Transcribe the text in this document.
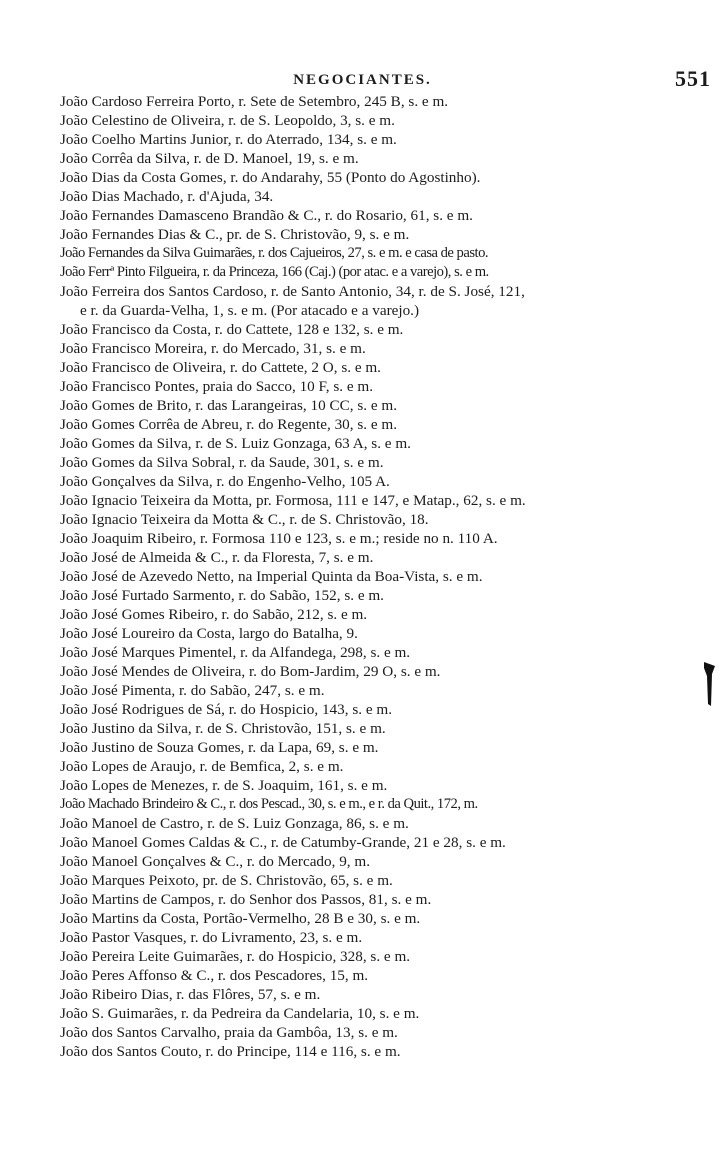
NEGOCIANTES.	551
João Cardoso Ferreira Porto, r. Sete de Setembro, 245 B, s. e m.
João Celestino de Oliveira, r. de S. Leopoldo, 3, s. e m.
João Coelho Martins Junior, r. do Aterrado, 134, s. e m.
João Corrêa da Silva, r. de D. Manoel, 19, s. e m.
João Dias da Costa Gomes, r. do Andarahy, 55 (Ponto do Agostinho).
João Dias Machado, r. d'Ajuda, 34.
João Fernandes Damasceno Brandão & C., r. do Rosario, 61, s. e m.
João Fernandes Dias & C., pr. de S. Christovão, 9, s. e m.
João Fernandes da Silva Guimarães, r. dos Cajueiros, 27, s. e m. e casa de pasto.
João Ferrª Pinto Filgueira, r. da Princeza, 166 (Caj.) (por atac. e a varejo), s. e m.
João Ferreira dos Santos Cardoso, r. de Santo Antonio, 34, r. de S. José, 121,
e r. da Guarda-Velha, 1, s. e m. (Por atacado e a varejo.)
João Francisco da Costa, r. do Cattete, 128 e 132, s. e m.
João Francisco Moreira, r. do Mercado, 31, s. e m.
João Francisco de Oliveira, r. do Cattete, 2 O, s. e m.
João Francisco Pontes, praia do Sacco, 10 F, s. e m.
João Gomes de Brito, r. das Larangeiras, 10 CC, s. e m.
João Gomes Corrêa de Abreu, r. do Regente, 30, s. e m.
João Gomes da Silva, r. de S. Luiz Gonzaga, 63 A, s. e m.
João Gomes da Silva Sobral, r. da Saude, 301, s. e m.
João Gonçalves da Silva, r. do Engenho-Velho, 105 A.
João Ignacio Teixeira da Motta, pr. Formosa, 111 e 147, e Matap., 62, s. e m.
João Ignacio Teixeira da Motta & C., r. de S. Christovão, 18.
João Joaquim Ribeiro, r. Formosa 110 e 123, s. e m.; reside no n. 110 A.
João José de Almeida & C., r. da Floresta, 7, s. e m.
João José de Azevedo Netto, na Imperial Quinta da Boa-Vista, s. e m.
João José Furtado Sarmento, r. do Sabão, 152, s. e m.
João José Gomes Ribeiro, r. do Sabão, 212, s. e m.
João José Loureiro da Costa, largo do Batalha, 9.
João José Marques Pimentel, r. da Alfandega, 298, s. e m.
João José Mendes de Oliveira, r. do Bom-Jardim, 29 O, s. e m.
João José Pimenta, r. do Sabão, 247, s. e m.
João José Rodrigues de Sá, r. do Hospicio, 143, s. e m.
João Justino da Silva, r. de S. Christovão, 151, s. e m.
João Justino de Souza Gomes, r. da Lapa, 69, s. e m.
João Lopes de Araujo, r. de Bemfica, 2, s. e m.
João Lopes de Menezes, r. de S. Joaquim, 161, s. e m.
João Machado Brindeiro & C., r. dos Pescad., 30, s. e m., e r. da Quit., 172, m.
João Manoel de Castro, r. de S. Luiz Gonzaga, 86, s. e m.
João Manoel Gomes Caldas & C., r. de Catumby-Grande, 21 e 28, s. e m.
João Manoel Gonçalves & C., r. do Mercado, 9, m.
João Marques Peixoto, pr. de S. Christovão, 65, s. e m.
João Martins de Campos, r. do Senhor dos Passos, 81, s. e m.
João Martins da Costa, Portão-Vermelho, 28 B e 30, s. e m.
João Pastor Vasques, r. do Livramento, 23, s. e m.
João Pereira Leite Guimarães, r. do Hospicio, 328, s. e m.
João Peres Affonso & C., r. dos Pescadores, 15, m.
João Ribeiro Dias, r. das Flôres, 57, s. e m.
João S. Guimarães, r. da Pedreira da Candelaria, 10, s. e m.
João dos Santos Carvalho, praia da Gambôa, 13, s. e m.
João dos Santos Couto, r. do Principe, 114 e 116, s. e m.
